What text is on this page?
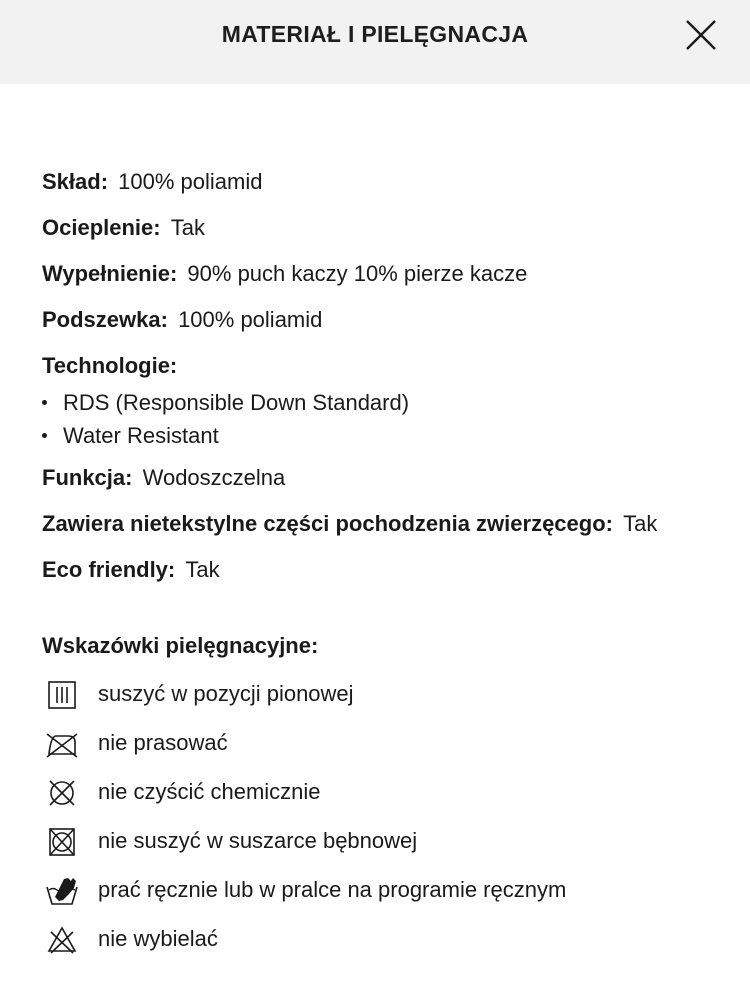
MATERIAŁ I PIELĘGNACJA
Skład: 100% poliamid
Ocieplenie: Tak
Wypełnienie: 90% puch kaczy 10% pierze kacze
Podszewka: 100% poliamid
Technologie:
RDS (Responsible Down Standard)
Water Resistant
Funkcja: Wodoszczelna
Zawiera nietekstylne części pochodzenia zwierzęcego: Tak
Eco friendly: Tak
Wskazówki pielęgnacyjne:
suszyć w pozycji pionowej
nie prasować
nie czyścić chemicznie
nie suszyć w suszarce bębnowej
prać ręcznie lub w pralce na programie ręcznym
nie wybielać
